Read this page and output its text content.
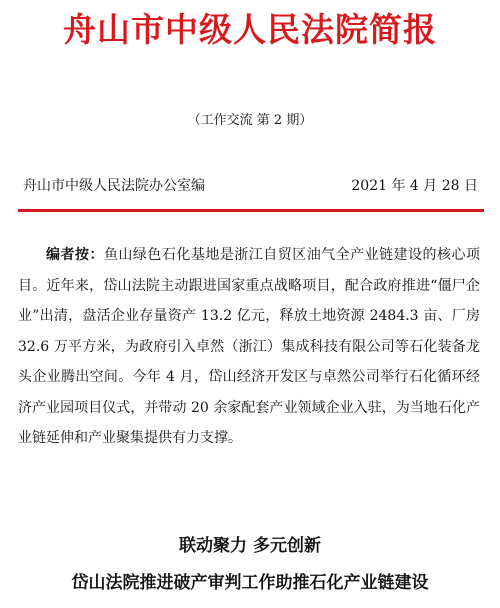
舟山市中级人民法院简报
（工作交流 第 2 期）
舟山市中级人民法院办公室编	2021 年 4 月 28 日

编者按：鱼山绿色石化基地是浙江自贸区油气全产业链建设的核心项目。近年来，岱山法院主动跟进国家重点战略项目，配合政府推进“僵尸企业”出清，盘活企业存量资产 13.2 亿元，释放土地资源 2484.3 亩、厂房 32.6 万平方米，为政府引入卓然（浙江）集成科技有限公司等石化装备龙头企业腾出空间。今年 4 月，岱山经济开发区与卓然公司举行石化循环经济产业园项目仪式，并带动 20 余家配套产业领域企业入驻，为当地石化产业链延伸和产业聚集提供有力支撑。

联动聚力 多元创新
岱山法院推进破产审判工作助推石化产业链建设
